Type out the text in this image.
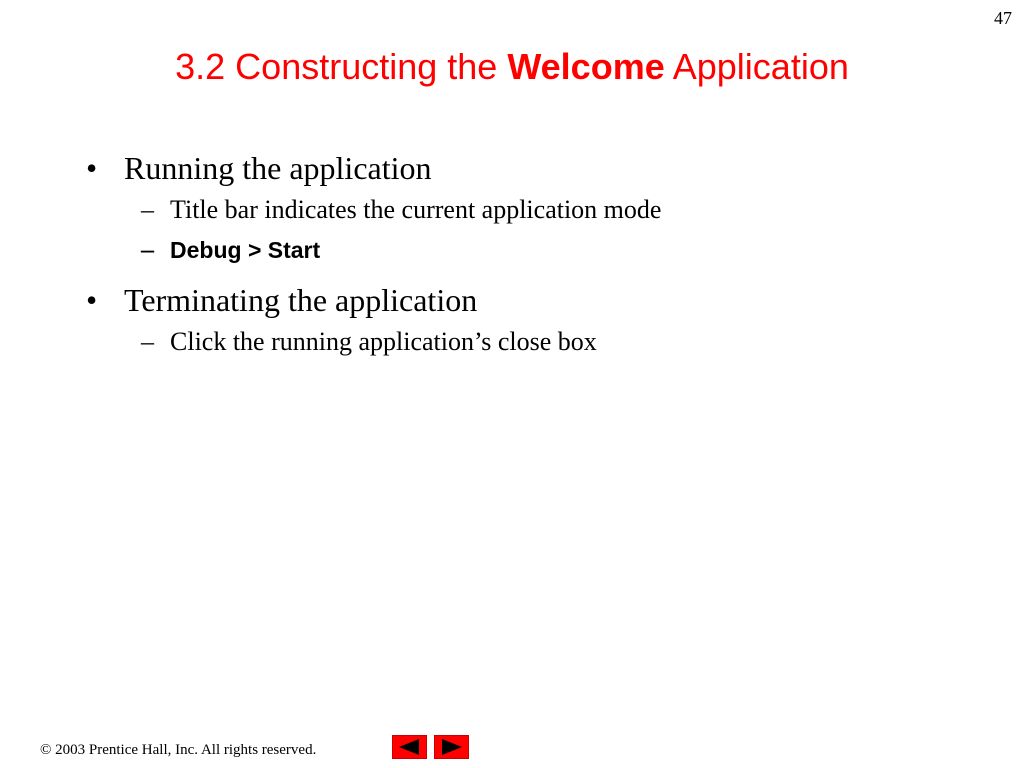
47
3.2 Constructing the Welcome Application
• Running the application
– Title bar indicates the current application mode
– Debug > Start
• Terminating the application
– Click the running application’s close box
© 2003 Prentice Hall, Inc. All rights reserved.
